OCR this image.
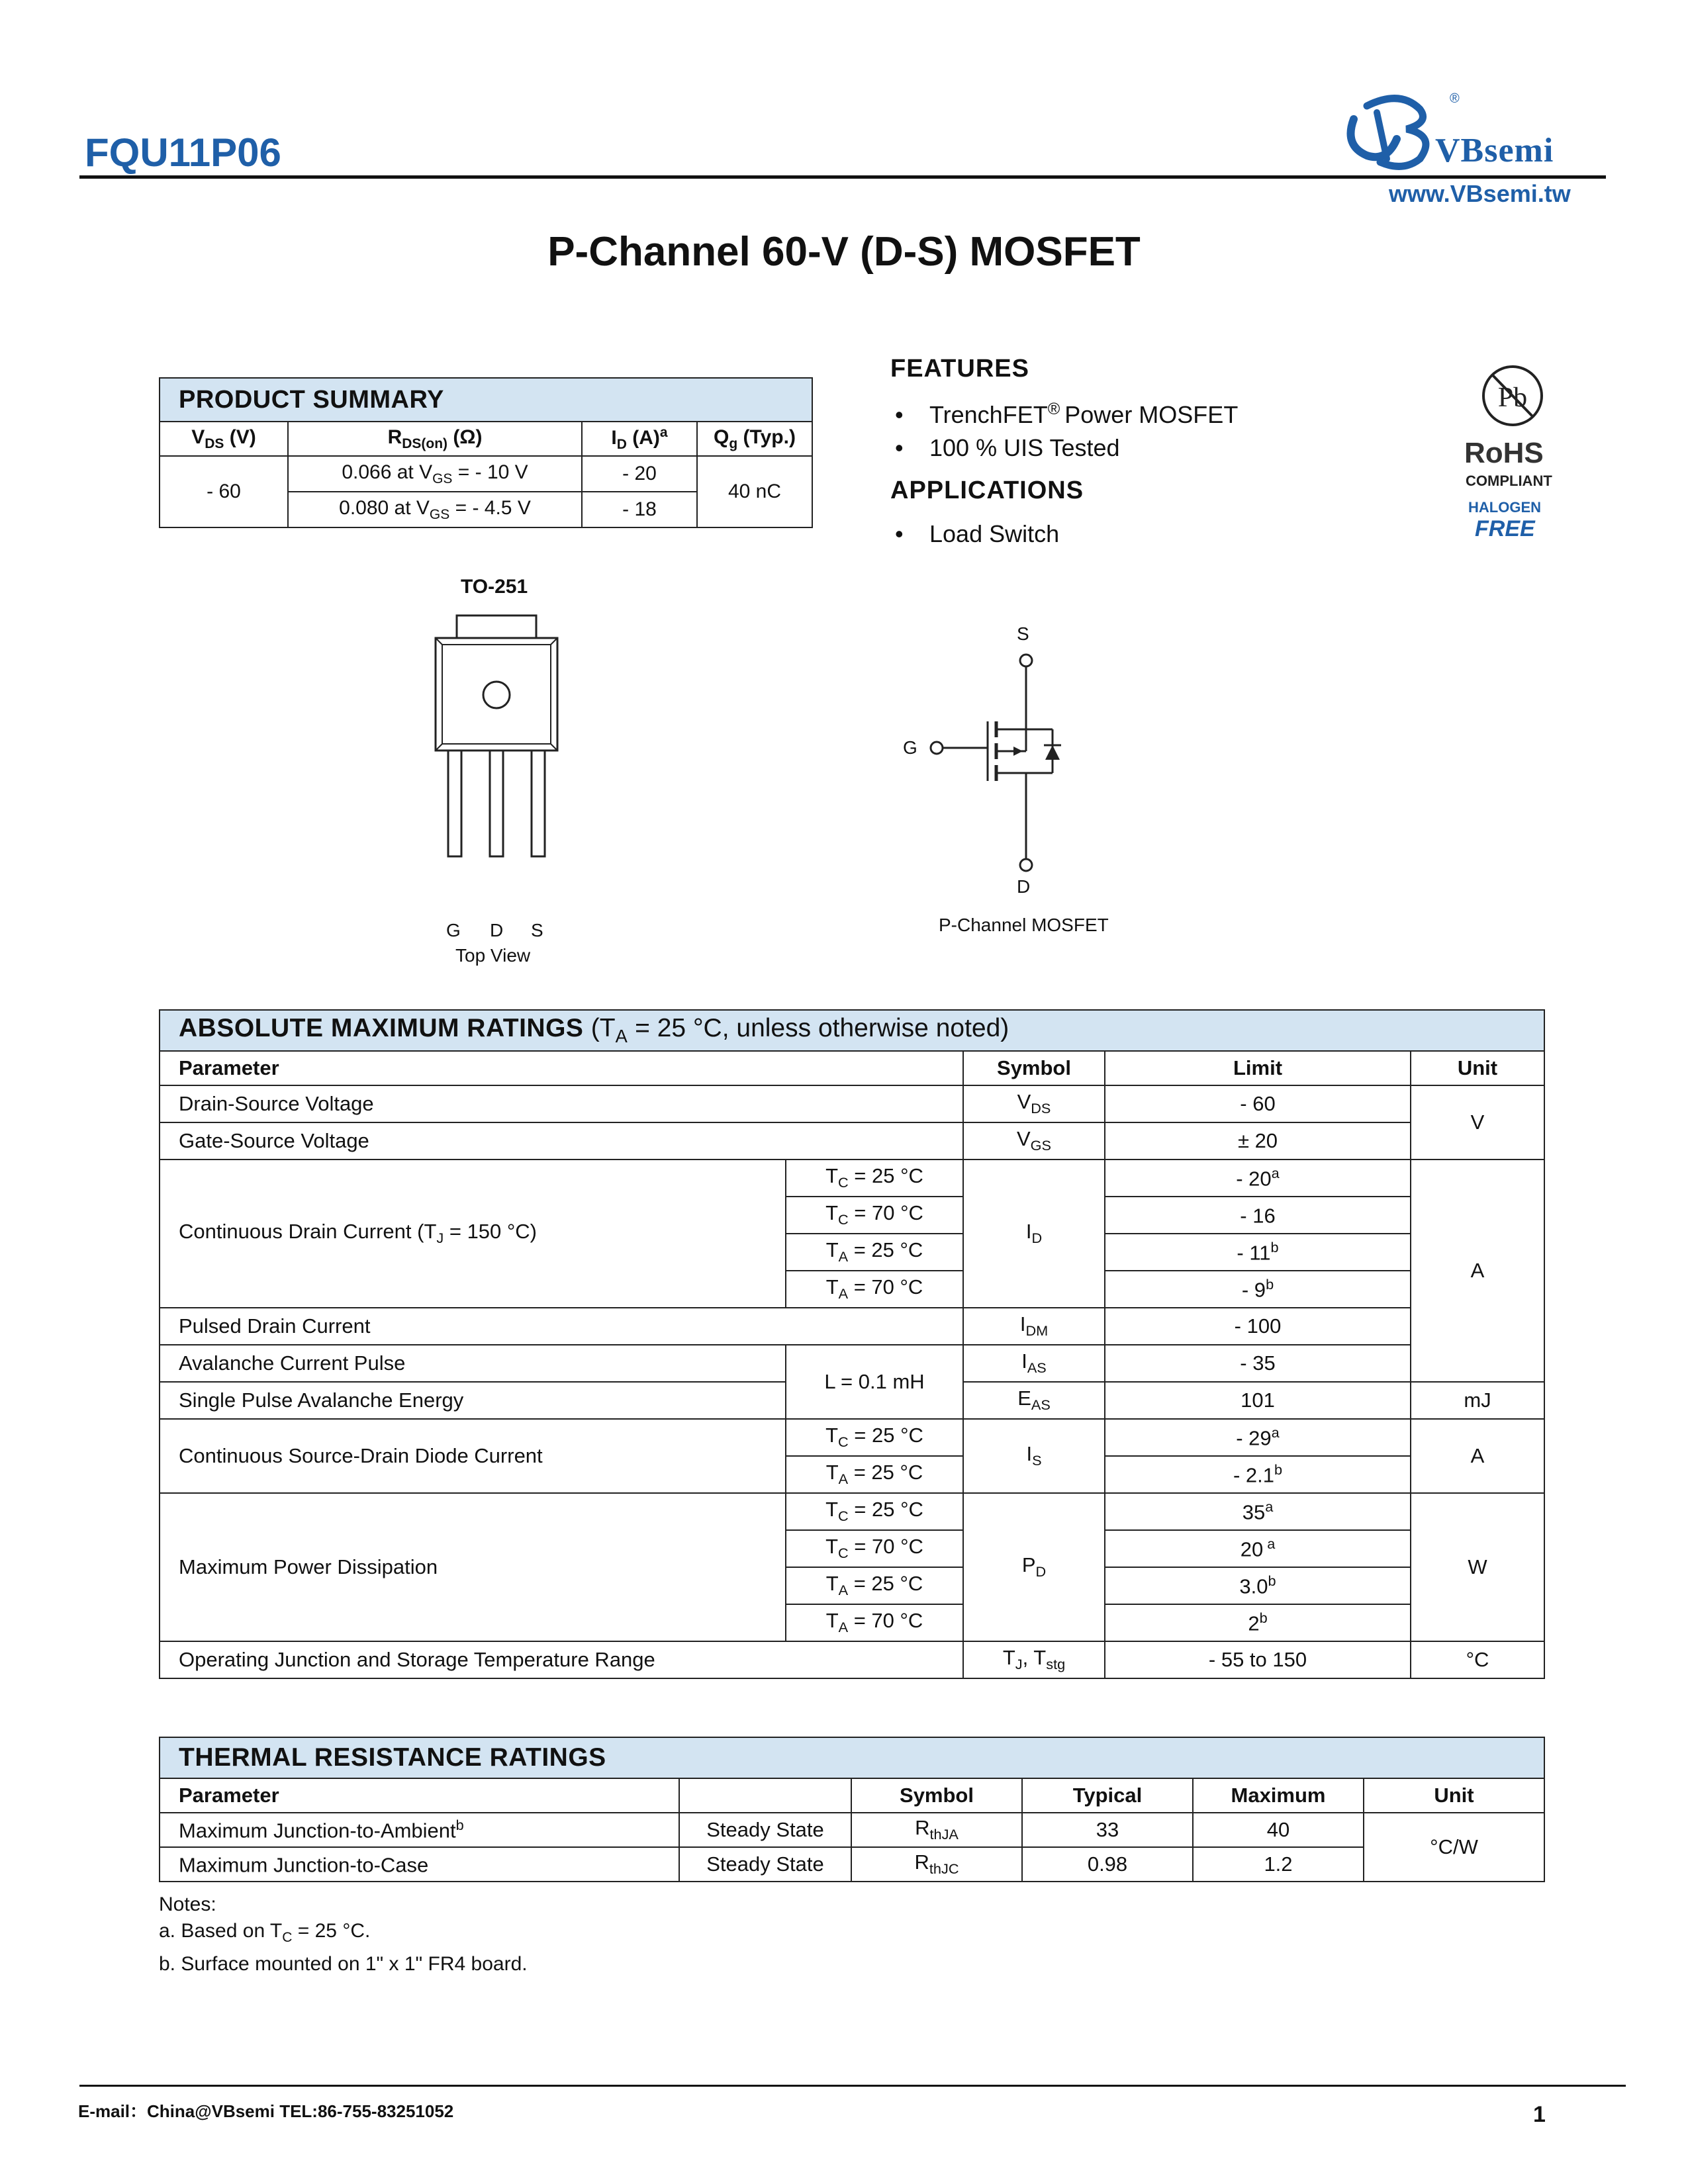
FQU11P06
®
VBsemi
www.VBsemi.tw
P-Channel 60-V (D-S) MOSFET
PRODUCT SUMMARY			
$V_{DS}$ (V)	$R_{DS(on)}$ (Ω)	$I_D$ $(A)^a$	$Q_g$ (Typ.)
- 60	0.066 at $V_{GS}$ = - 10 V	- 20	40 nC
	0.080 at $V_{GS}$ = - 4.5 V	- 18	
FEATURES
• TrenchFET® Power MOSFET
• 100 % UIS Tested
APPLICATIONS
• Load Switch
Pb
RoHS
COMPLIANT
HALOGEN
FREE
TO-251
G D S
Top View
S
G
D
P-Channel MOSFET
ABSOLUTE MAXIMUM RATINGS ($T_A = 25$ °C, unless otherwise noted)				
Parameter		Symbol	Limit	Unit
Drain-Source Voltage		$V_{DS}$	- 60	V
Gate-Source Voltage		$V_{GS}$	± 20	
Continuous Drain Current ($T_J = 150$ °C)	$T_C = 25$ °C	$I_D$	- 20$^a$	A
	$T_C = 70$ °C		- 16	
	$T_A = 25$ °C		- 11$^b$
	$T_A = 70$ °C		- 9$^b$
Pulsed Drain Current		$I_{DM}$	- 100	
Avalanche Current Pulse	L = 0.1 mH	$I_{AS}$	- 35	
Single Pulse Avalanche Energy		$E_{AS}$	101	mJ
Continuous Source-Drain Diode Current	$T_C = 25$ °C	$I_S$	- 29$^a$	A
	$T_A = 25$ °C		- 2.1$^b$
Maximum Power Dissipation	$T_C = 25$ °C	$P_D$	35$^a$	W
	$T_C = 70$ °C		20 $^a$
	$T_A = 25$ °C		3.0$^b$
	$T_A = 70$ °C		2$^b$
Operating Junction and Storage Temperature Range		$T_J$, $T_{stg}$	- 55 to 150	°C
THERMAL RESISTANCE RATINGS					
Parameter		Symbol	Typical	Maximum	Unit
Maximum Junction-to-Ambient$^b$	Steady State	$R_{thJA}$	33	40	°C/W
Maximum Junction-to-Case	Steady State	$R_{thJC}$	0.98	1.2	
Notes:
a. Based on $T_C = 25$ °C.
b. Surface mounted on 1" x 1" FR4 board.
E-mail：China@VBsemi TEL:86-755-83251052	1
